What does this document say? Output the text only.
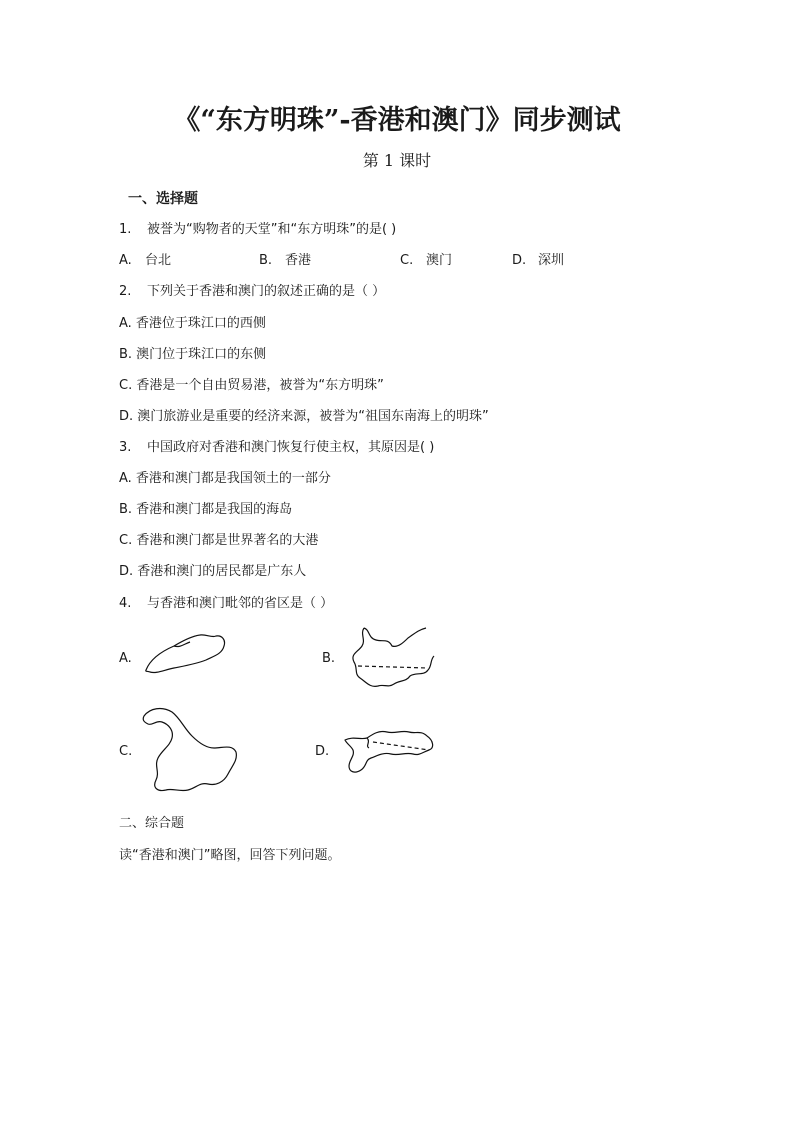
《“东方明珠”-香港和澳门》同步测试
第 1 课时
一、选择题
1. 被誉为“购物者的天堂”和“东方明珠”的是( )
A. 台北	B. 香港	C. 澳门	D. 深圳
2. 下列关于香港和澳门的叙述正确的是（ ）
A. 香港位于珠江口的西侧
B. 澳门位于珠江口的东侧
C. 香港是一个自由贸易港，被誉为“东方明珠”
D. 澳门旅游业是重要的经济来源，被誉为“祖国东南海上的明珠”
3. 中国政府对香港和澳门恢复行使主权，其原因是( )
A. 香港和澳门都是我国领土的一部分
B. 香港和澳门都是我国的海岛
C. 香港和澳门都是世界著名的大港
D. 香港和澳门的居民都是广东人
4. 与香港和澳门毗邻的省区是（ ）
A.	B.
C.	D.
二、综合题
读“香港和澳门”略图，回答下列问题。
